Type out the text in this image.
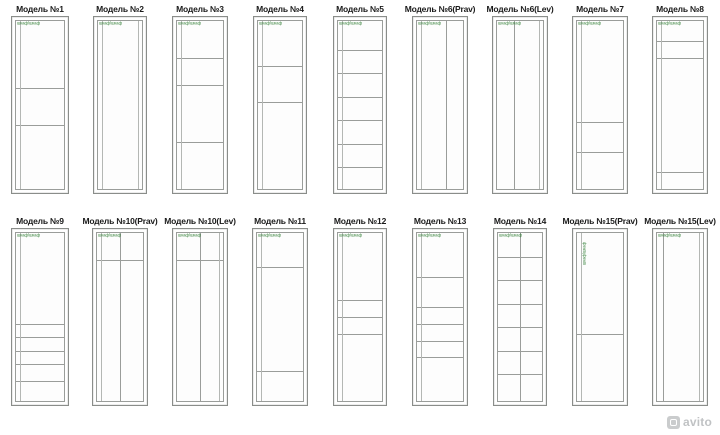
Модель №1
шкаф/шкаф
Модель №2
шкаф/шкаф
Модель №3
шкаф/шкаф
Модель №4
шкаф/шкаф
Модель №5
шкаф/шкаф
Модель №6(Prav)
шкаф/шкаф
Модель №6(Lev)
шкаф/шкаф
Модель №7
шкаф/шкаф
Модель №8
шкаф/шкаф
Модель №9
шкаф/шкаф
Модель №10(Prav)
шкаф/шкаф
Модель №10(Lev)
шкаф/шкаф
Модель №11
шкаф/шкаф
Модель №12
шкаф/шкаф
Модель №13
шкаф/шкаф
Модель №14
шкаф/шкаф
Модель №15(Prav)
шкаф/шкаф
Модель №15(Lev)
шкаф/шкаф
avito
